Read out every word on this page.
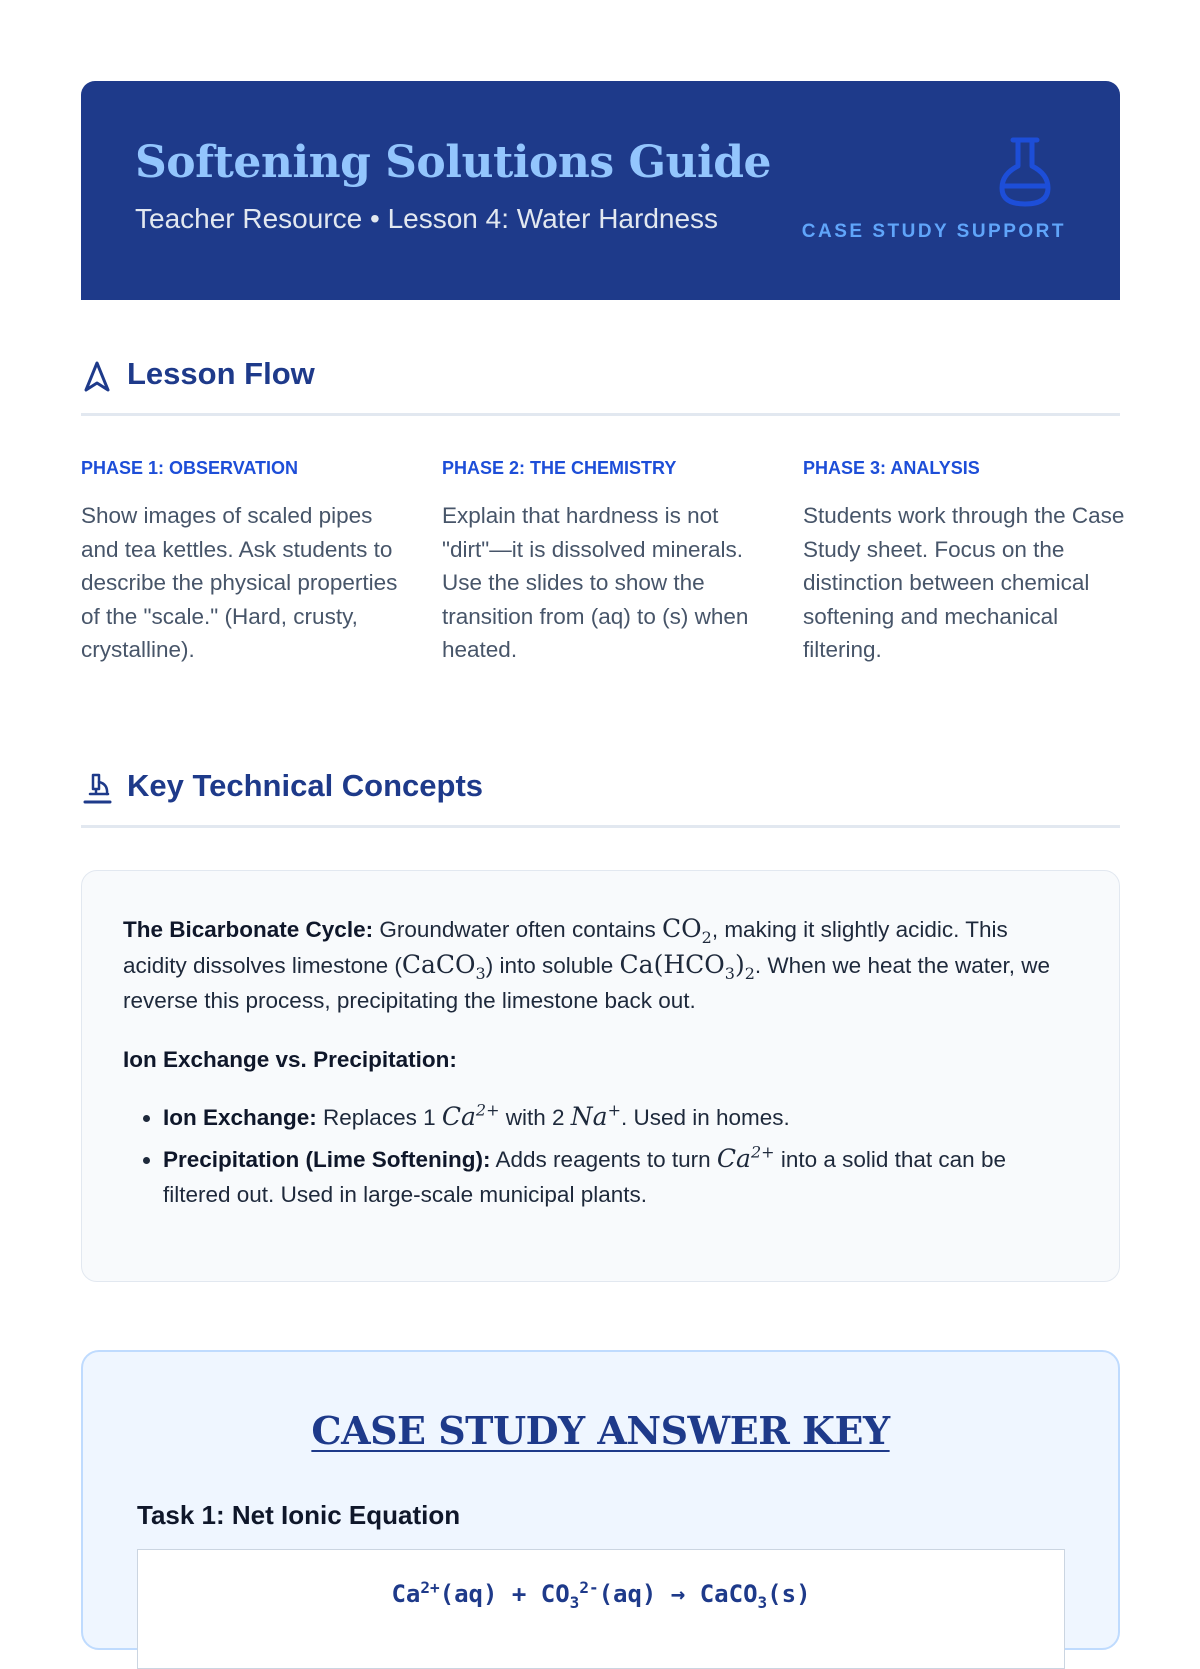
Softening Solutions Guide
Teacher Resource • Lesson 4: Water Hardness	CASE STUDY SUPPORT
Lesson Flow
PHASE 1: OBSERVATION
Show images of scaled pipes and tea kettles. Ask students to describe the physical properties of the "scale." (Hard, crusty, crystalline).
PHASE 2: THE CHEMISTRY
Explain that hardness is not "dirt"—it is dissolved minerals. Use the slides to show the transition from (aq) to (s) when heated.
PHASE 3: ANALYSIS
Students work through the Case Study sheet. Focus on the distinction between chemical softening and mechanical filtering.
Key Technical Concepts
The Bicarbonate Cycle: Groundwater often contains $CO_2$, making it slightly acidic. This acidity dissolves limestone (CaCO$_3$) into soluble $Ca(HCO_3)_2$. When we heat the water, we reverse this process, precipitating the limestone back out.
Ion Exchange vs. Precipitation:
• Ion Exchange: Replaces 1 $Ca^{2+}$ with 2 Na+. Used in homes.
• Precipitation (Lime Softening): Adds reagents to turn $Ca^{2+}$ into a solid that can be filtered out. Used in large-scale municipal plants.
CASE STUDY ANSWER KEY
Task 1: Net Ionic Equation
$Ca^{2+}(aq) + CO_3^{2-}(aq)$ → CaCO$_3$(s)
